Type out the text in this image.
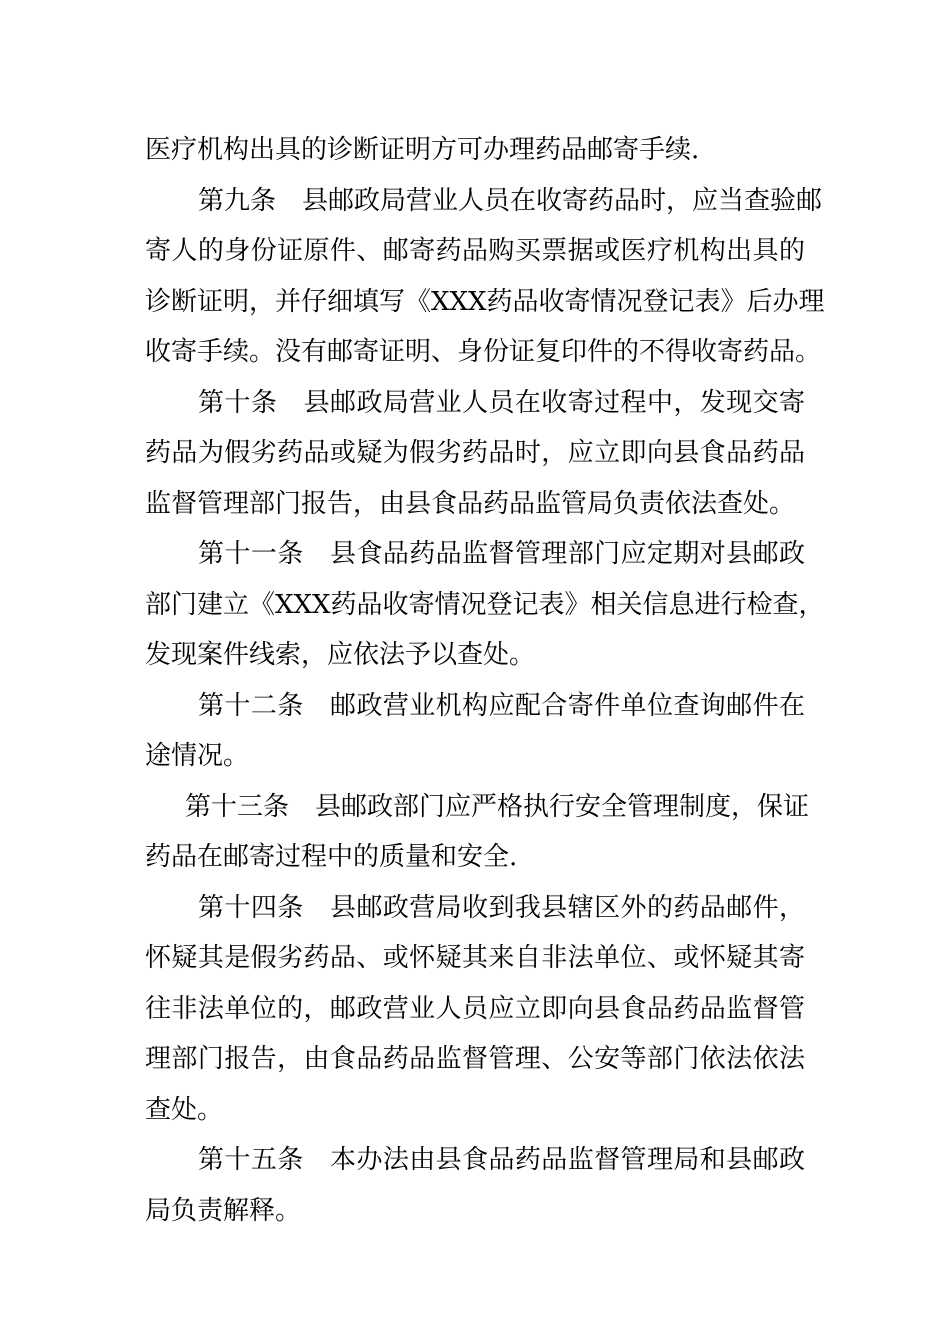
医疗机构出具的诊断证明方可办理药品邮寄手续.
第九条　县邮政局营业人员在收寄药品时，应当查验邮
寄人的身份证原件、邮寄药品购买票据或医疗机构出具的
诊断证明，并仔细填写《XXX药品收寄情况登记表》后办理
收寄手续。没有邮寄证明、身份证复印件的不得收寄药品。
第十条　县邮政局营业人员在收寄过程中，发现交寄
药品为假劣药品或疑为假劣药品时，应立即向县食品药品
监督管理部门报告，由县食品药品监管局负责依法查处。
第十一条　县食品药品监督管理部门应定期对县邮政
部门建立《XXX药品收寄情况登记表》相关信息进行检查，
发现案件线索，应依法予以查处。
第十二条　邮政营业机构应配合寄件单位查询邮件在
途情况。
第十三条　县邮政部门应严格执行安全管理制度，保证
药品在邮寄过程中的质量和安全.
第十四条　县邮政营局收到我县辖区外的药品邮件，
怀疑其是假劣药品、或怀疑其来自非法单位、或怀疑其寄
往非法单位的，邮政营业人员应立即向县食品药品监督管
理部门报告，由食品药品监督管理、公安等部门依法依法
查处。
第十五条　本办法由县食品药品监督管理局和县邮政
局负责解释。
